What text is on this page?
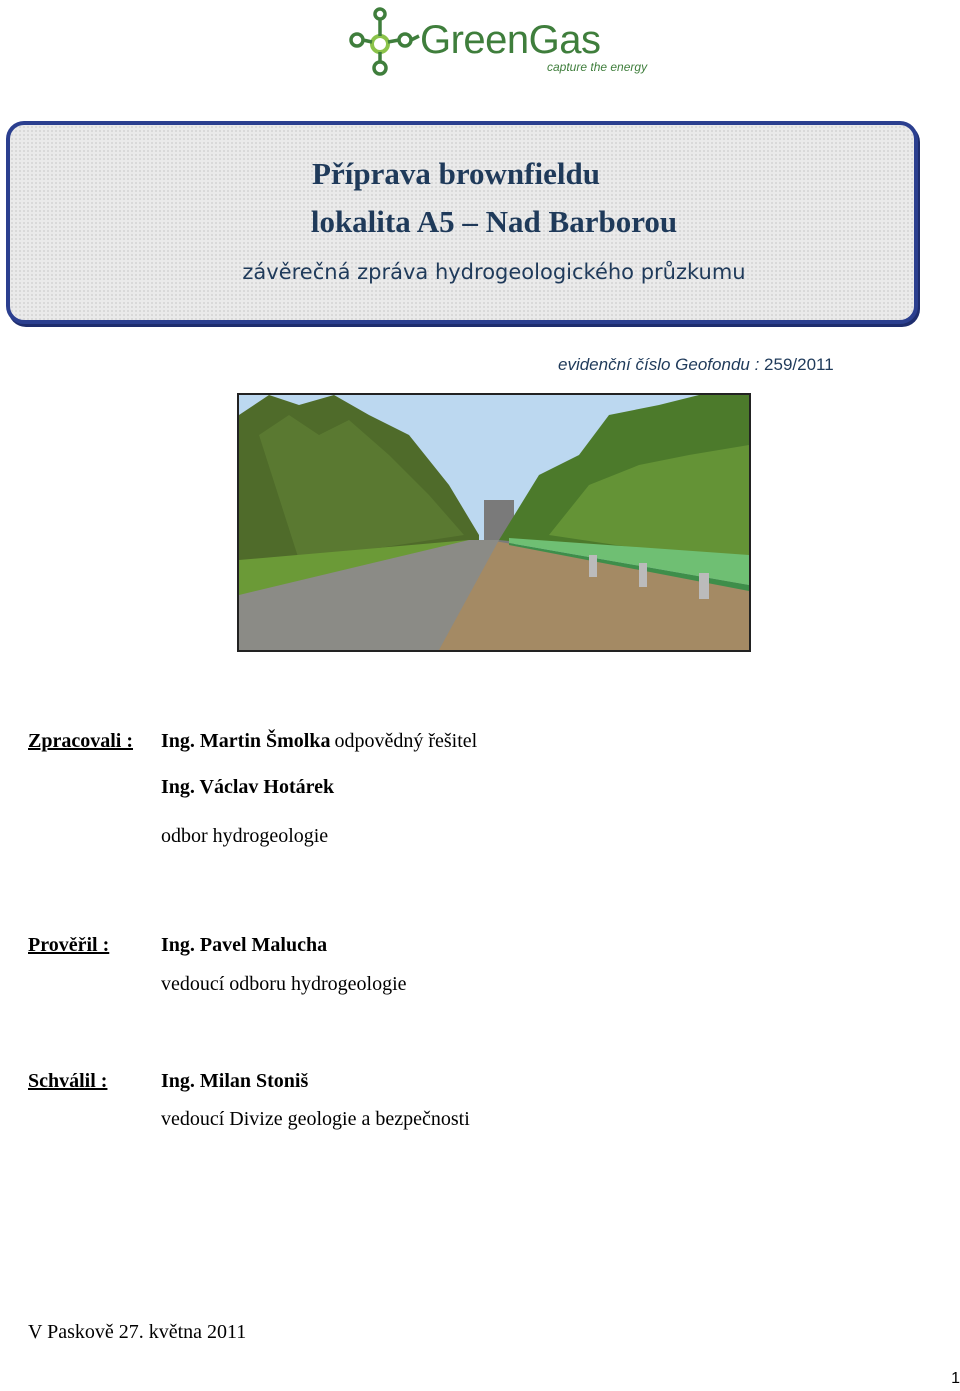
GreenGas
capture the energy
Příprava brownfieldu
lokalita A5 – Nad Barborou
závěrečná zpráva hydrogeologického průzkumu
evidenční číslo Geofondu : 259/2011
Zpracovali : Ing. Martin Šmolka odpovědný řešitel
Ing. Václav Hotárek
odbor hydrogeologie
Prověřil :	Ing. Pavel Malucha
vedoucí odboru hydrogeologie
Schválil :	Ing. Milan Stoniš
vedoucí Divize geologie a bezpečnosti
V Paskově 27. května 2011
1
